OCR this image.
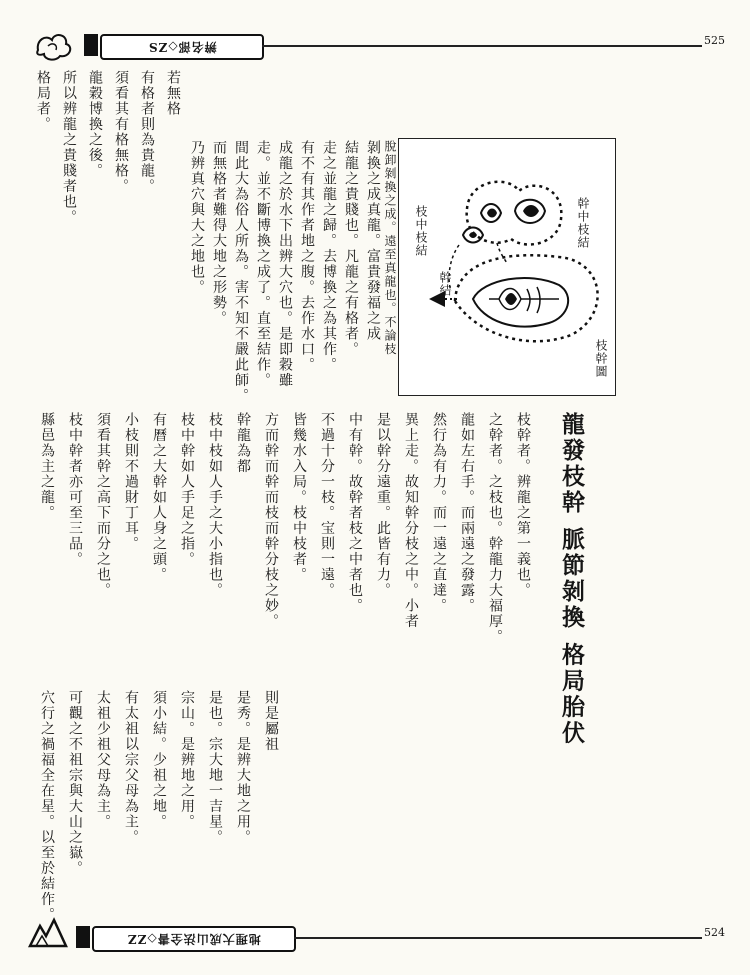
辨名部◇ZS	525
格局者。 所以辨龍之貴賤者也。 龍穀博換之後。 須看其有格無格。 有格者則為貴龍。 若無格
乃辨真穴與大之地也。 而無格者難得大地之形勢。 間此大為俗人所為。害不知不嚴此師。 走。並不斷博換之成了。直至結作。 成龍之於水下出辨大穴也。是即穀雖 有不有其作者地之腹。去作水口。 走之並龍之歸。去博換之為其作。 結龍之貴賤也。凡龍之有格者。 剝換之成真龍。富貴發福之成 脫卸剝換之成。遠至真龍也。不論枝	幹結
枝中枝結	幹中枝結
枝幹圖
縣邑為主之龍。 枝中幹者亦可至三品。 須看其幹之高下而分之也。 小枝則不過財丁耳。 有曆之大幹如人身之頭。 枝中幹如人手足之指。 枝中枝如人手之大小指也。 幹龍為都 方而幹而幹而枝而幹分枝之妙。 皆幾水入局。枝中枝者。 不過十分一枝。宝則一遠。 中有幹。故幹者枝之中者也。 是以幹分遠重。此皆有力。 異上走。故知幹分枝之中。小者 然行為有力。而一遠之直達。 龍如左右手。而兩遠之發露。 之幹者。之枝也。幹龍力大福厚。 枝幹者。辨龍之第一義也。 龍發枝幹 脈節剝換 格局胎伏
穴行之禍福全在星。以至於結作。 可觀之不祖宗與大山之嶽。 太祖少祖父母為主。 有太祖以宗父母為主。 須小結。少祖之地。 宗山。是辨地之用。 是也。宗大地一吉星。 是秀。是辨大地之用。 則是屬祖
地理大成山法全書◇ZZ	524
